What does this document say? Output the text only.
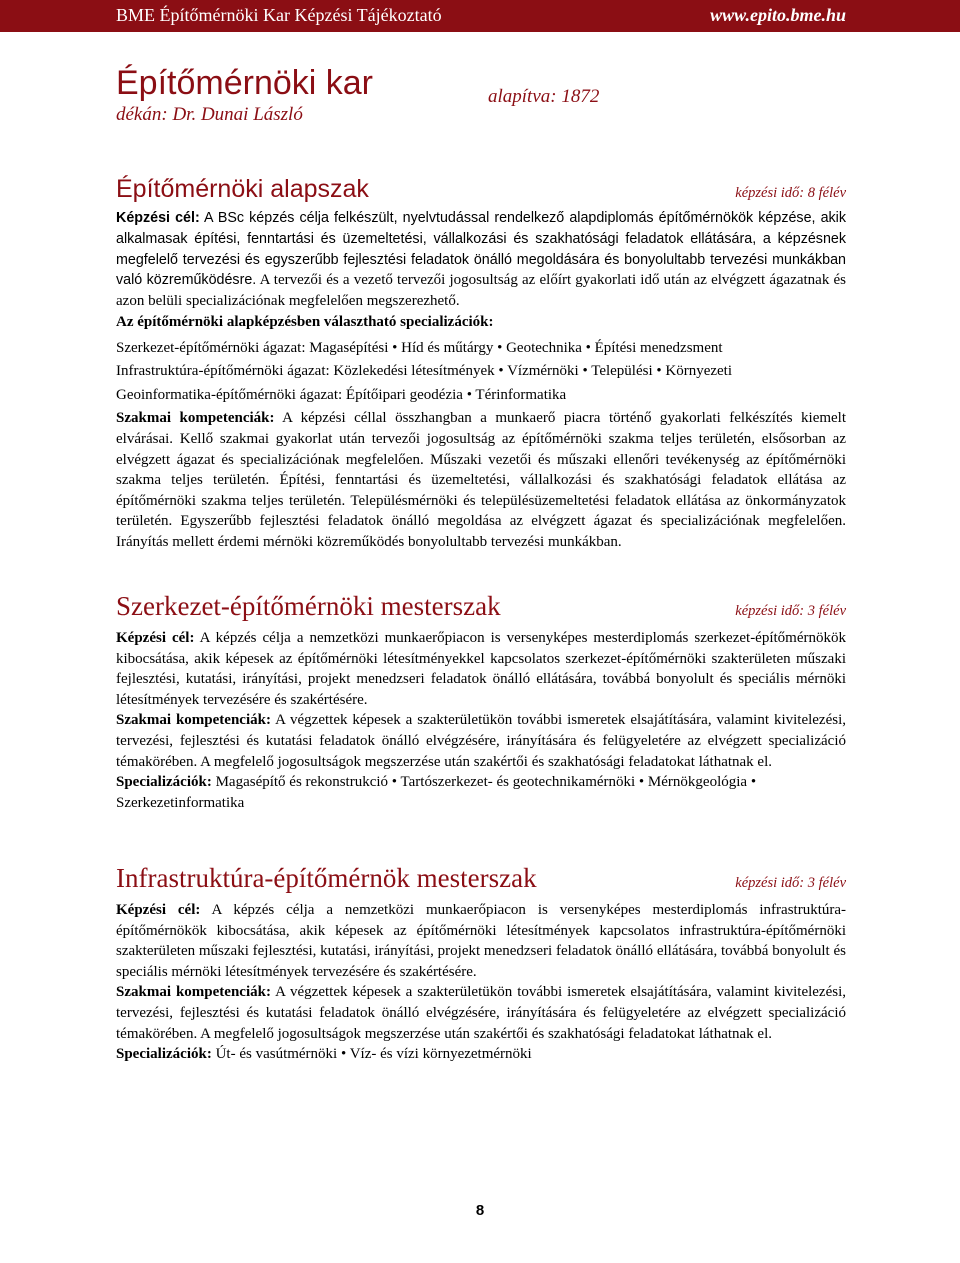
BME Építőmérnöki Kar Képzési Tájékoztató	www.epito.bme.hu
Építőmérnöki kar
dékán: Dr. Dunai László
alapítva: 1872
Építőmérnöki alapszak	képzési idő: 8 félév

Képzési cél: A BSc képzés célja felkészült, nyelvtudással rendelkező alapdiplomás építőmérnökök képzése, akik alkalmasak építési, fenntartási és üzemeltetési, vállalkozási és szakhatósági feladatok ellátására, a képzésnek megfelelő tervezési és egyszerűbb fejlesztési feladatok önálló megoldására és bonyolultabb tervezési munkákban való közreműködésre. A tervezői és a vezető tervezői jogosultság az előírt gyakorlati idő után az elvégzett ágazatnak és azon belüli specializációnak megfelelően megszerezhető.

Az építőmérnöki alapképzésben választható specializációk:

Szerkezet-építőmérnöki ágazat: Magasépítési • Híd és műtárgy • Geotechnika • Építési menedzsment

Infrastruktúra-építőmérnöki ágazat: Közlekedési létesítmények • Vízmérnöki • Települési • Környezeti

Geoinformatika-építőmérnöki ágazat: Építőipari geodézia • Térinformatika

Szakmai kompetenciák: A képzési céllal összhangban a munkaerő piacra történő gyakorlati felkészítés kiemelt elvárásai. Kellő szakmai gyakorlat után tervezői jogosultság az építőmérnöki szakma teljes területén, elsősorban az elvégzett ágazat és specializációnak megfelelően. Műszaki vezetői és műszaki ellenőri tevékenység az építőmérnöki szakma teljes területén. Építési, fenntartási és üzemeltetési, vállalkozási és szakhatósági feladatok ellátása az építőmérnöki szakma teljes területén. Településmérnöki és településüzemeltetési feladatok ellátása az önkormányzatok területén. Egyszerűbb fejlesztési feladatok önálló megoldása az elvégzett ágazat és specializációnak megfelelően. Irányítás mellett érdemi mérnöki közreműködés bonyolultabb tervezési munkákban.

Szerkezet-építőmérnöki mesterszak	képzési idő: 3 félév

Képzési cél: A képzés célja a nemzetközi munkaerőpiacon is versenyképes mesterdiplomás szerkezet-építőmérnökök kibocsátása, akik képesek az építőmérnöki létesítményekkel kapcsolatos szerkezet-építőmérnöki szakterületen műszaki fejlesztési, kutatási, irányítási, projekt menedzseri feladatok önálló ellátására, továbbá bonyolult és speciális mérnöki létesítmények tervezésére és szakértésére.

Szakmai kompetenciák: A végzettek képesek a szakterületükön további ismeretek elsajátítására, valamint kivitelezési, tervezési, fejlesztési és kutatási feladatok önálló elvégzésére, irányítására és felügyeletére az elvégzett specializáció témakörében. A megfelelő jogosultságok megszerzése után szakértői és szakhatósági feladatokat láthatnak el.

Specializációk: Magasépítő és rekonstrukció • Tartószerkezet- és geotechnikamérnöki • Mérnökgeológia • Szerkezetinformatika

Infrastruktúra-építőmérnök mesterszak	képzési idő: 3 félév

Képzési cél: A képzés célja a nemzetközi munkaerőpiacon is versenyképes mesterdiplomás infrastruktúra-építőmérnökök kibocsátása, akik képesek az építőmérnöki létesítmények kapcsolatos infrastruktúra-építőmérnöki szakterületen műszaki fejlesztési, kutatási, irányítási, projekt menedzseri feladatok önálló ellátására, továbbá bonyolult és speciális mérnöki létesítmények tervezésére és szakértésére.

Szakmai kompetenciák: A végzettek képesek a szakterületükön további ismeretek elsajátítására, valamint kivitelezési, tervezési, fejlesztési és kutatási feladatok önálló elvégzésére, irányítására és felügyeletére az elvégzett specializáció témakörében. A megfelelő jogosultságok megszerzése után szakértői és szakhatósági feladatokat láthatnak el.

Specializációk: Út- és vasútmérnöki • Víz- és vízi környezetmérnöki

8
